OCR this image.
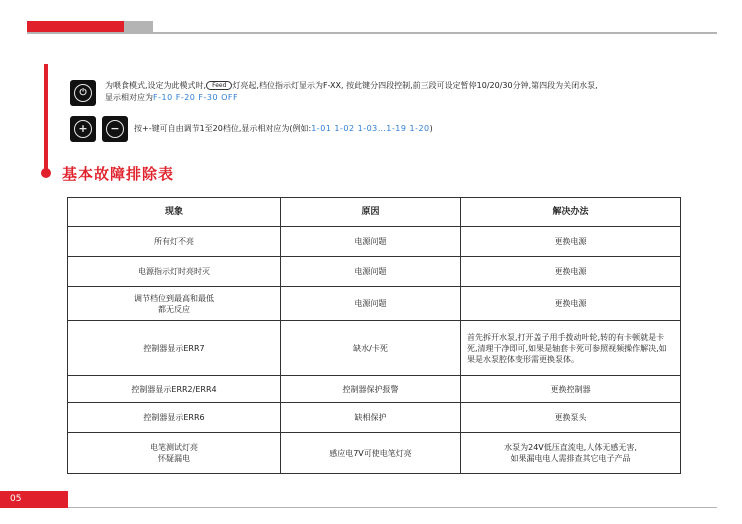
⏻
为喂食模式,设定为此模式时, Feed 灯亮起,档位指示灯显示为F-XX, 按此键分四段控制,前三段可设定暂停10/20/30分钟,第四段为关闭水泵,
显示相对应为F-10 F-20 F-30 OFF
+	−	按+-键可自由调节1至20档位,显示相对应为(例如:1-01 1-02 1-03…1-19 1-20)
基本故障排除表
现象	原因	解决办法
所有灯不亮	电源问题	更换电源
电源指示灯时亮时灭	电源问题	更换电源
调节档位到最高和最低
都无反应	电源问题	更换电源
控制器显示ERR7	缺水/卡死	首先拆开水泵,打开盖子用手拨动叶轮,转的有卡顿就是卡死,清理干净即可,如果是轴套卡死可参照视频操作解决,如果是水泵腔体变形需更换泵体。
控制器显示ERR2/ERR4	控制器保护报警	更换控制器
控制器显示ERR6	缺相保护	更换泵头
电笔测试灯亮
怀疑漏电	感应电7V可使电笔灯亮	水泵为24V低压直流电,人体无感无害,
如果漏电电人需排查其它电子产品
05
